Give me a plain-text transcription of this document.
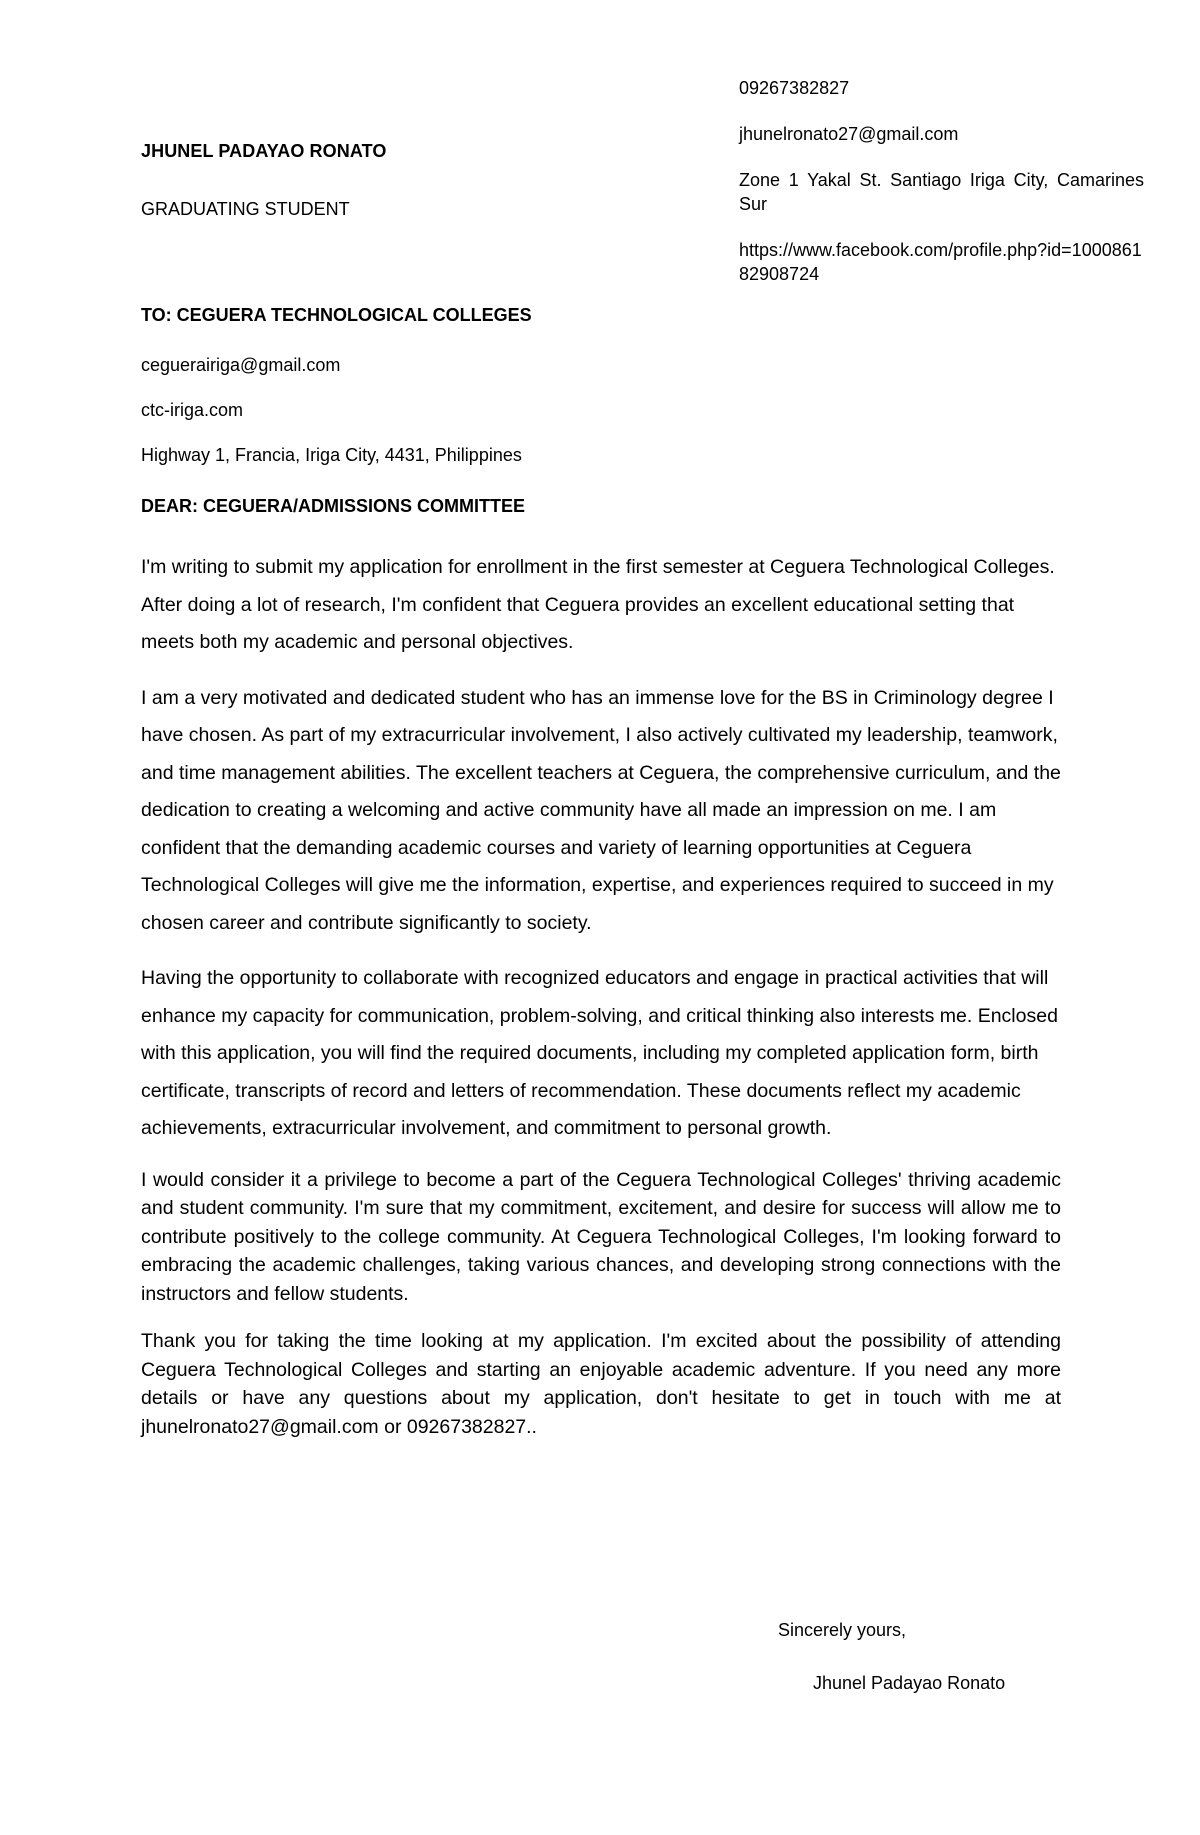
JHUNEL PADAYAO RONATO
GRADUATING STUDENT

09267382827

jhunelronato27@gmail.com

Zone 1 Yakal St. Santiago Iriga City, Camarines Sur

https://www.facebook.com/profile.php?id=100086182908724

TO: CEGUERA TECHNOLOGICAL COLLEGES

ceguerairiga@gmail.com

ctc-iriga.com

Highway 1, Francia, Iriga City, 4431, Philippines

DEAR: CEGUERA/ADMISSIONS COMMITTEE

I'm writing to submit my application for enrollment in the first semester at Ceguera Technological Colleges. After doing a lot of research, I'm confident that Ceguera provides an excellent educational setting that meets both my academic and personal objectives.

I am a very motivated and dedicated student who has an immense love for the BS in Criminology degree I have chosen. As part of my extracurricular involvement, I also actively cultivated my leadership, teamwork, and time management abilities. The excellent teachers at Ceguera, the comprehensive curriculum, and the dedication to creating a welcoming and active community have all made an impression on me. I am confident that the demanding academic courses and variety of learning opportunities at Ceguera Technological Colleges will give me the information, expertise, and experiences required to succeed in my chosen career and contribute significantly to society.

Having the opportunity to collaborate with recognized educators and engage in practical activities that will enhance my capacity for communication, problem-solving, and critical thinking also interests me. Enclosed with this application, you will find the required documents, including my completed application form, birth certificate, transcripts of record and letters of recommendation. These documents reflect my academic achievements, extracurricular involvement, and commitment to personal growth.

I would consider it a privilege to become a part of the Ceguera Technological Colleges' thriving academic and student community. I'm sure that my commitment, excitement, and desire for success will allow me to contribute positively to the college community. At Ceguera Technological Colleges, I'm looking forward to embracing the academic challenges, taking various chances, and developing strong connections with the instructors and fellow students.

Thank you for taking the time looking at my application. I'm excited about the possibility of attending Ceguera Technological Colleges and starting an enjoyable academic adventure. If you need any more details or have any questions about my application, don't hesitate to get in touch with me at jhunelronato27@gmail.com or 09267382827..

Sincerely yours,
Jhunel Padayao Ronato
